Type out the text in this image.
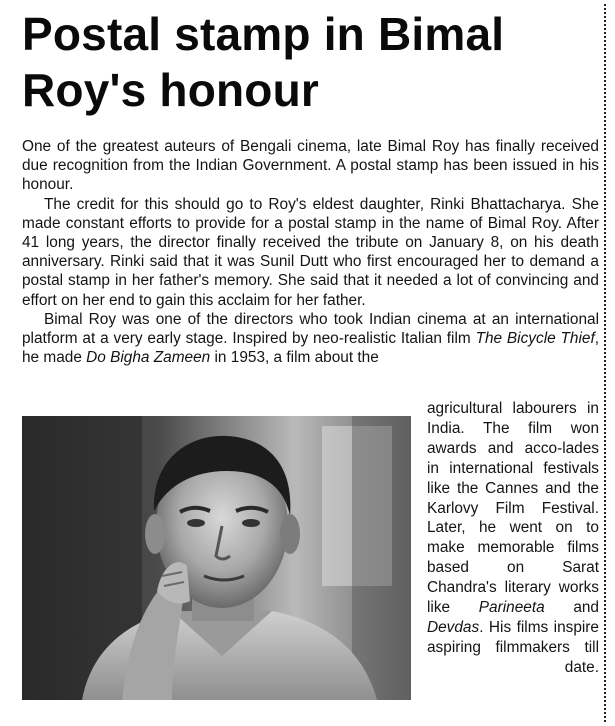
Postal stamp in Bimal Roy's honour

One of the greatest auteurs of Bengali cinema, late Bimal Roy has finally received due recognition from the Indian Government. A postal stamp has been issued in his honour.

The credit for this should go to Roy's eldest daughter, Rinki Bhattacharya. She made constant efforts to provide for a postal stamp in the name of Bimal Roy. After 41 long years, the director finally received the tribute on January 8, on his death anniversary. Rinki said that it was Sunil Dutt who first encouraged her to demand a postal stamp in her father's memory. She said that it needed a lot of convincing and effort on her end to gain this acclaim for her father.

Bimal Roy was one of the directors who took Indian cinema at an international platform at a very early stage. Inspired by neo-realistic Italian film The Bicycle Thief, he made Do Bigha Zameen in 1953, a film about the

agricultural labourers in India. The film won awards and acco-lades in international festivals like the Cannes and the Karlovy Film Festival. Later, he went on to make memorable films based on Sarat Chandra's literary works like Parineeta and Devdas. His films inspire aspiring filmmakers till date.
